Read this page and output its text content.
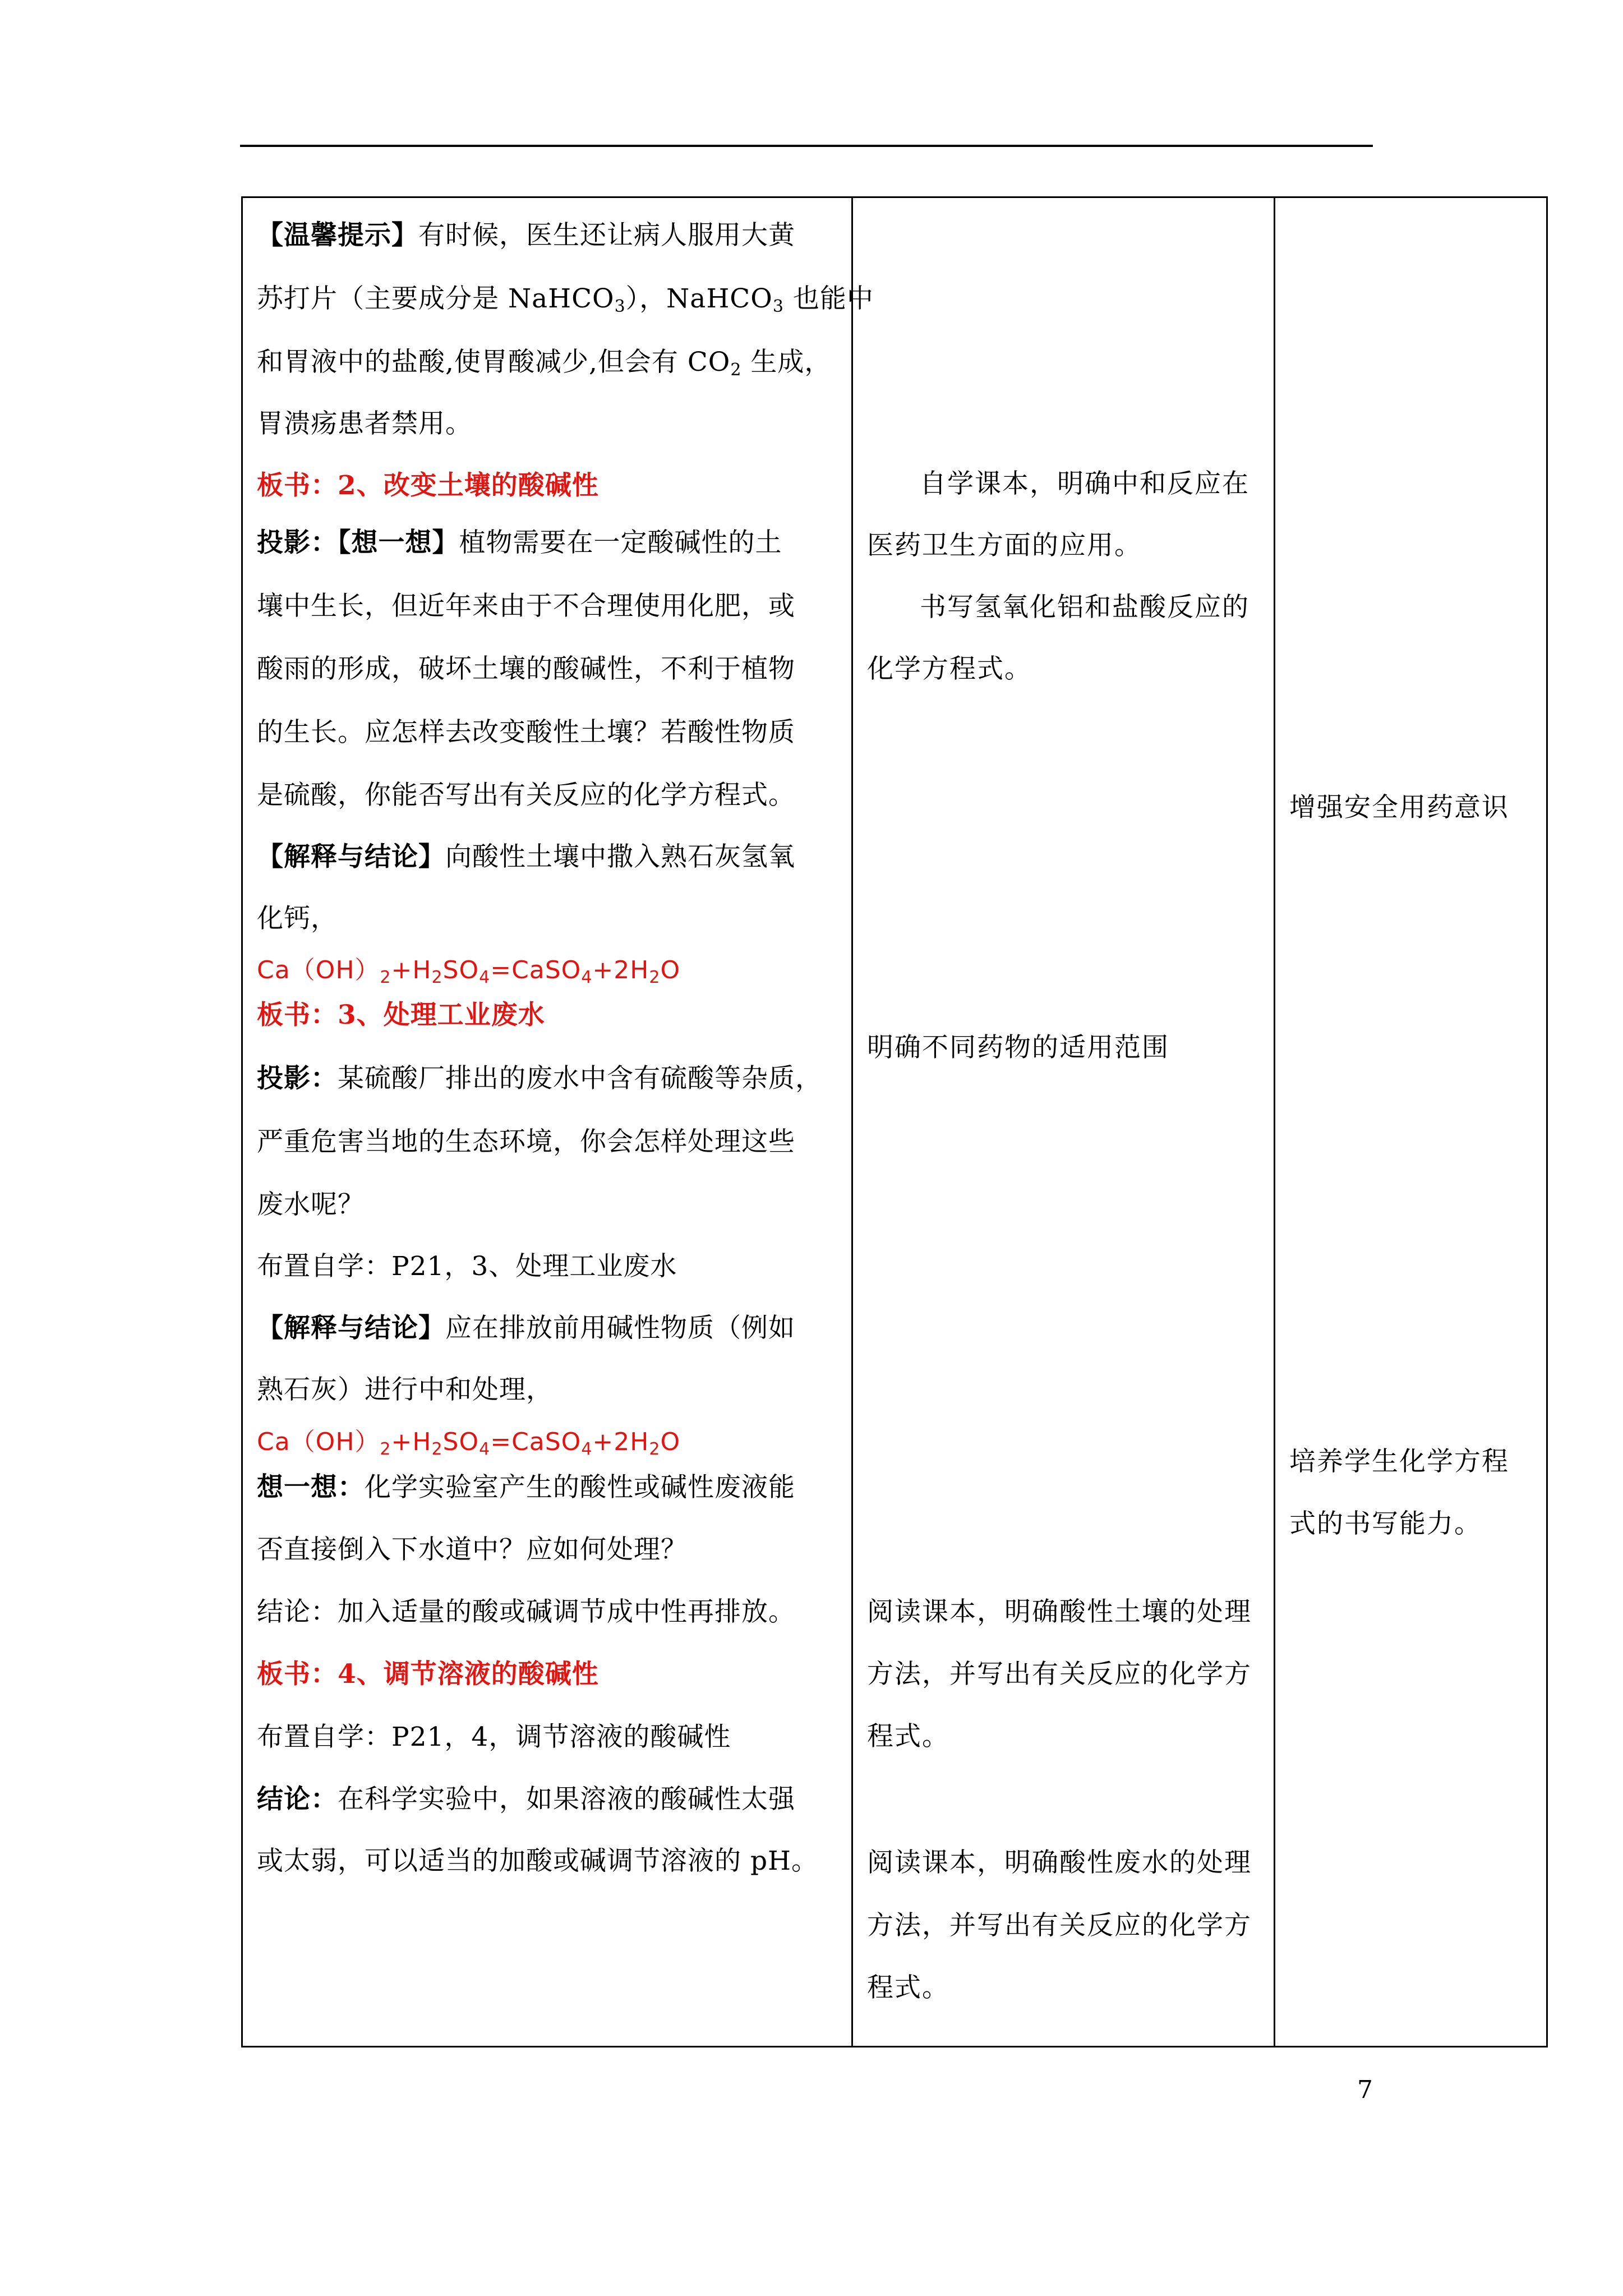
【温馨提示】有时候，医生还让病人服用大黄
苏打片（主要成分是 NaHCO$_3$），NaHCO$_3$ 也能中
和胃液中的盐酸,使胃酸减少,但会有 $CO_2$ 生成，
胃溃疡患者禁用。
板书：2、改变土壤的酸碱性
投影：【想一想】植物需要在一定酸碱性的土
壤中生长，但近年来由于不合理使用化肥，或
酸雨的形成，破坏土壤的酸碱性，不利于植物
的生长。应怎样去改变酸性土壤？若酸性物质
是硫酸，你能否写出有关反应的化学方程式。
【解释与结论】向酸性土壤中撒入熟石灰氢氧
化钙，
$Ca(OH)_2+H_2SO_4=CaSO_4+2H_2O$
板书：3、处理工业废水
投影：某硫酸厂排出的废水中含有硫酸等杂质，
严重危害当地的生态环境，你会怎样处理这些
废水呢？
布置自学：P21，3、处理工业废水
【解释与结论】应在排放前用碱性物质（例如
熟石灰）进行中和处理，
$Ca(OH)_2+H_2SO_4=CaSO_4+2H_2O$
想一想：化学实验室产生的酸性或碱性废液能
否直接倒入下水道中？应如何处理？
结论：加入适量的酸或碱调节成中性再排放。
板书：4、调节溶液的酸碱性
布置自学：P21，4，调节溶液的酸碱性
结论：在科学实验中，如果溶液的酸碱性太强
或太弱，可以适当的加酸或碱调节溶液的 pH。
自学课本，明确中和反应在
医药卫生方面的应用。
书写氢氧化铝和盐酸反应的
化学方程式。
明确不同药物的适用范围
阅读课本，明确酸性土壤的处理
方法，并写出有关反应的化学方
程式。
阅读课本，明确酸性废水的处理
方法，并写出有关反应的化学方
程式。
增强安全用药意识
培养学生化学方程
式的书写能力。
7
